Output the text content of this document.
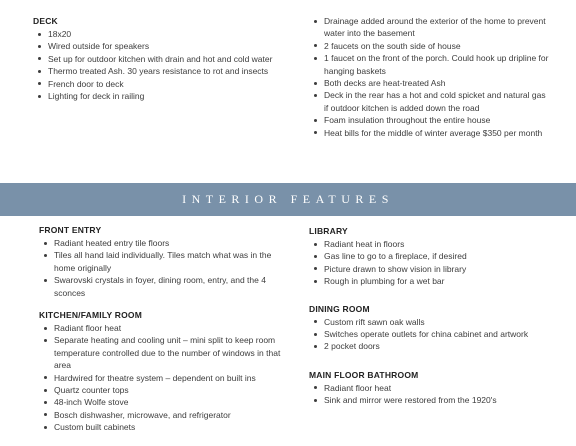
DECK
18x20
Wired outside for speakers
Set up for outdoor kitchen with drain and hot and cold water
Thermo treated Ash. 30 years resistance to rot and insects
French door to deck
Lighting for deck in railing
Drainage added around the exterior of the home to prevent water into the basement
2 faucets on the south side of house
1 faucet on the front of the porch. Could hook up dripline for hanging baskets
Both decks are heat-treated Ash
Deck in the rear has a hot and cold spicket and natural gas if outdoor kitchen is added down the road
Foam insulation throughout the entire house
Heat bills for the middle of winter average $350 per month
INTERIOR FEATURES
FRONT ENTRY
Radiant heated entry tile floors
Tiles all hand laid individually. Tiles match what was in the home originally
Swarovski crystals in foyer, dining room, entry, and the 4 sconces
KITCHEN/FAMILY ROOM
Radiant floor heat
Separate heating and cooling unit – mini split to keep room temperature controlled due to the number of windows in that area
Hardwired for theatre system – dependent on built ins
Quartz counter tops
48-inch Wolfe stove
Bosch dishwasher, microwave, and refrigerator
Custom built cabinets
LIBRARY
Radiant heat in floors
Gas line to go to a fireplace, if desired
Picture drawn to show vision in library
Rough in plumbing for a wet bar
DINING ROOM
Custom rift sawn oak walls
Switches operate outlets for china cabinet and artwork
2 pocket doors
MAIN FLOOR BATHROOM
Radiant floor heat
Sink and mirror were restored from the 1920's
